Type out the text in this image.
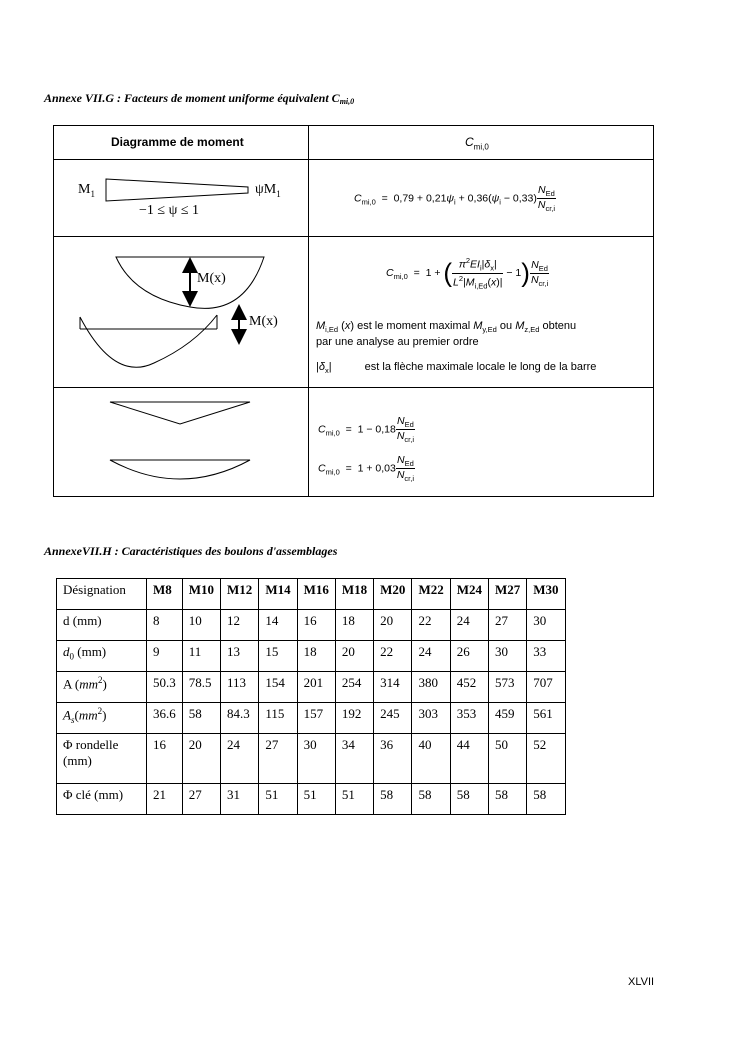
Annexe VII.G : Facteurs de moment uniforme équivalent $C_{mi,0}$
Diagramme de moment	$C_{mi,0}$
$M_1$	$\psi M_1$
−1 ≤ ψ ≤ 1
$C_{mi,0} = 0,79 + 0,21\psi_i + 0,36(\psi_i - 0,33) \frac{N_{Ed}}{N_{cr,i}}$
M(x)
M(x)
$C_{mi,0} = 1$ + ( $\frac{\pi^2EI_i|\delta_x|}{L^2|M_{i,Ed}(x)|} - 1) \frac{N_{Ed}}{N_{cr,i}}$
$M_{i,Ed}$ (x) est le moment maximal $M_{y,Ed}$ ou $M_{z,Ed}$ obtenu
par une analyse au premier ordre
$|\delta_x|$	est la flèche maximale locale le long de la barre
$C_{mi,0} = 1 - 0,18 \frac{N_{Ed}}{N_{cr,i}}$
$C_{mi,0} = 1 + 0,03 \frac{N_{Ed}}{N_{cr,i}}$
AnnexeVII.H : Caractéristiques des boulons d'assemblages
Désignation	M8	M10	M12	M14	M16	M18	M20	M22	M24	M27	M30
d (mm)	8	10	12	14	16	18	20	22	24	27	30
$d_0$ (mm)	9	11	13	15	18	20	22	24	26	30	33
A $(mm^2)$	50.3	78.5	113	154	201	254	314	380	452	573	707
$A_s(mm^2)$	36.6	58	84.3	115	157	192	245	303	353	459	561
Φ rondelle (mm)	16	20	24	27	30	34	36	40	44	50	52
Φ clé (mm)	21	27	31	51	51	51	58	58	58	58	58
XLVII
